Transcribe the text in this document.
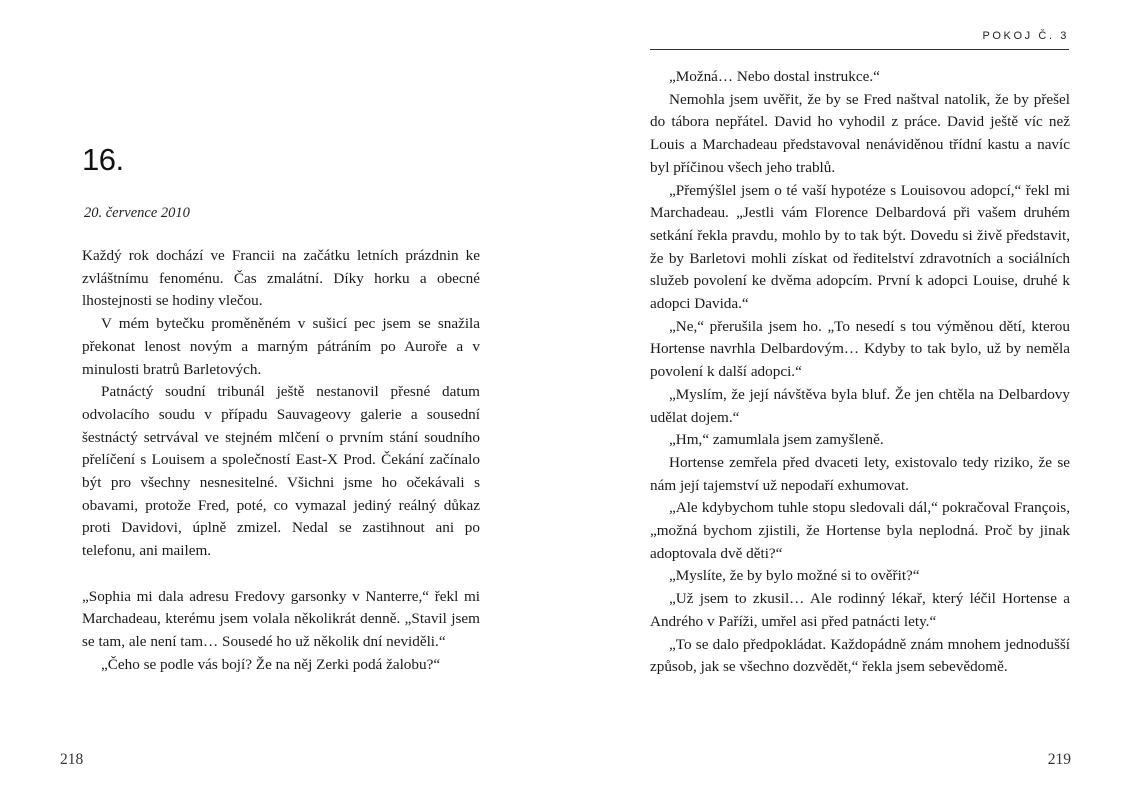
16.
20. července 2010

Každý rok dochází ve Francii na začátku letních prázdnin ke zvláštnímu fenoménu. Čas zmalátní. Díky horku a obecné lhostejnosti se hodiny vlečou.

V mém bytečku proměněném v sušicí pec jsem se snažila překonat lenost novým a marným pátráním po Auroře a v minulosti bratrů Barletových.

Patnáctý soudní tribunál ještě nestanovil přesné datum odvolacího soudu v případu Sauvageovy galerie a sousední šestnáctý setrvával ve stejném mlčení o prvním stání soudního přelíčení s Louisem a společností East-X Prod. Čekání začínalo být pro všechny nesnesitelné. Všichni jsme ho očekávali s obavami, protože Fred, poté, co vymazal jediný reálný důkaz proti Davidovi, úplně zmizel. Nedal se zastihnout ani po telefonu, ani mailem.

„Sophia mi dala adresu Fredovy garsonky v Nanterre,“ řekl mi Marchadeau, kterému jsem volala několikrát denně. „Stavil jsem se tam, ale není tam… Sousedé ho už několik dní neviděli.“

„Čeho se podle vás bojí? Že na něj Zerki podá žalobu?“

218
POKOJ Č. 3

„Možná… Nebo dostal instrukce.“

Nemohla jsem uvěřit, že by se Fred naštval natolik, že by přešel do tábora nepřátel. David ho vyhodil z práce. David ještě víc než Louis a Marchadeau představoval nenáviděnou třídní kastu a navíc byl příčinou všech jeho trablů.

„Přemýšlel jsem o té vaší hypotéze s Louisovou adopcí,“ řekl mi Marchadeau. „Jestli vám Florence Delbardová při vašem druhém setkání řekla pravdu, mohlo by to tak být. Dovedu si živě představit, že by Barletovi mohli získat od ředitelství zdravotních a sociálních služeb povolení ke dvěma adopcím. První k adopci Louise, druhé k adopci Davida.“

„Ne,“ přerušila jsem ho. „To nesedí s tou výměnou dětí, kterou Hortense navrhla Delbardovým… Kdyby to tak bylo, už by neměla povolení k další adopci.“

„Myslím, že její návštěva byla bluf. Že jen chtěla na Delbardovy udělat dojem.“

„Hm,“ zamumlala jsem zamyšleně.

Hortense zemřela před dvaceti lety, existovalo tedy riziko, že se nám její tajemství už nepodaří exhumovat.

„Ale kdybychom tuhle stopu sledovali dál,“ pokračoval François, „možná bychom zjistili, že Hortense byla neplodná. Proč by jinak adoptovala dvě děti?“

„Myslíte, že by bylo možné si to ověřit?“

„Už jsem to zkusil… Ale rodinný lékař, který léčil Hortense a Andrého v Paříži, umřel asi před patnácti lety.“

„To se dalo předpokládat. Každopádně znám mnohem jednodušší způsob, jak se všechno dozvědět,“ řekla jsem sebevědomě.

219
